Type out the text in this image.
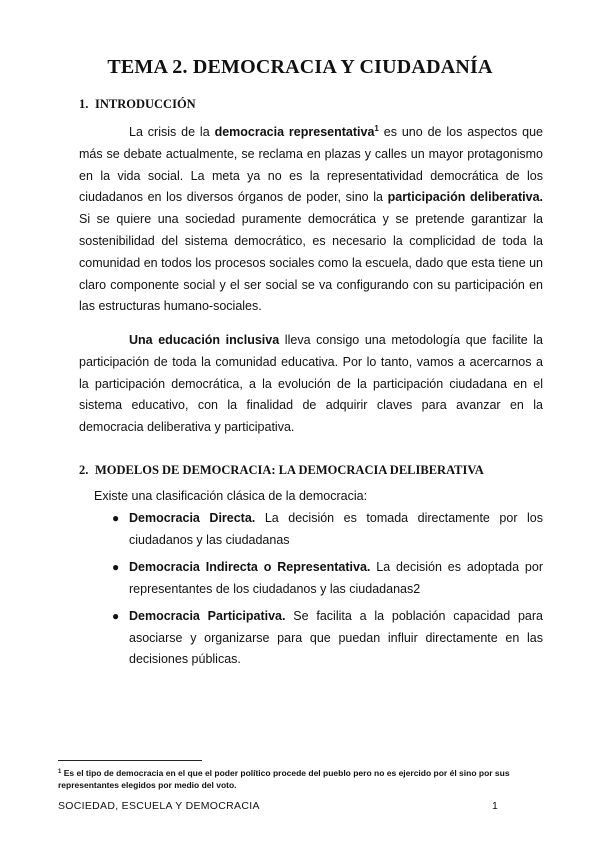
TEMA 2. DEMOCRACIA Y CIUDADANÍA
1. INTRODUCCIÓN

La crisis de la democracia representativa$^1$ es uno de los aspectos que más se debate actualmente, se reclama en plazas y calles un mayor protagonismo en la vida social. La meta ya no es la representatividad democrática de los ciudadanos en los diversos órganos de poder, sino la participación deliberativa. Si se quiere una sociedad puramente democrática y se pretende garantizar la sostenibilidad del sistema democrático, es necesario la complicidad de toda la comunidad en todos los procesos sociales como la escuela, dado que esta tiene un claro componente social y el ser social se va configurando con su participación en las estructuras humano-sociales.

Una educación inclusiva lleva consigo una metodología que facilite la participación de toda la comunidad educativa. Por lo tanto, vamos a acercarnos a la participación democrática, a la evolución de la participación ciudadana en el sistema educativo, con la finalidad de adquirir claves para avanzar en la democracia deliberativa y participativa.

2. MODELOS DE DEMOCRACIA: LA DEMOCRACIA DELIBERATIVA

Existe una clasificación clásica de la democracia:

● Democracia Directa. La decisión es tomada directamente por los ciudadanos y las ciudadanas
● Democracia Indirecta o Representativa. La decisión es adoptada por representantes de los ciudadanos y las ciudadanas2
● Democracia Participativa. Se facilita a la población capacidad para asociarse y organizarse para que puedan influir directamente en las decisiones públicas.

$^1$ Es el tipo de democracia en el que el poder político procede del pueblo pero no es ejercido por él sino por sus representantes elegidos por medio del voto.

SOCIEDAD, ESCUELA Y DEMOCRACIA	1
